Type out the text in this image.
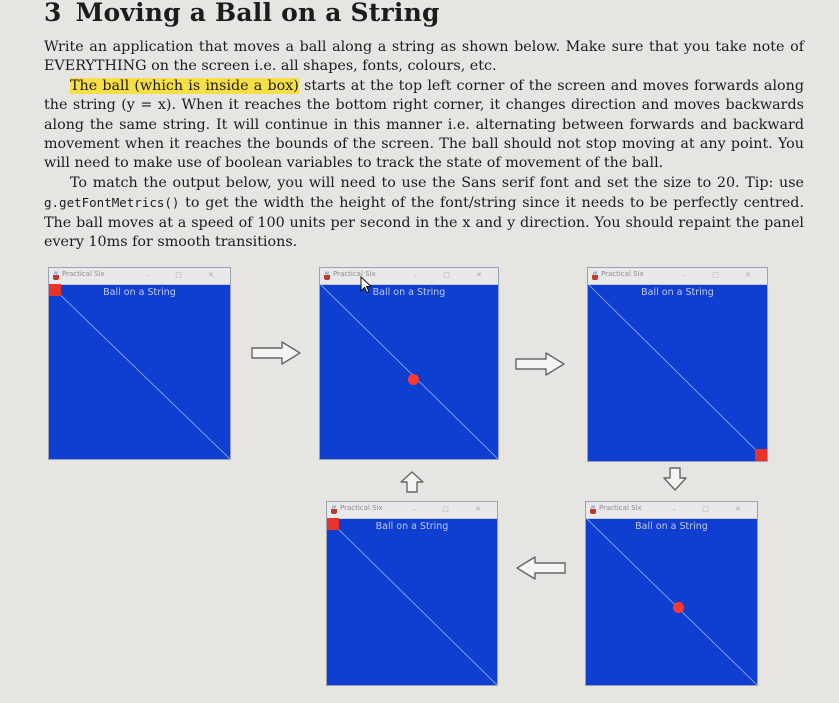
3 Moving a Ball on a String

Write an application that moves a ball along a string as shown below. Make sure that you take note of EVERYTHING on the screen i.e. all shapes, fonts, colours, etc.

The ball (which is inside a box) starts at the top left corner of the screen and moves forwards along the string (y = x). When it reaches the bottom right corner, it changes direction and moves backwards along the same string. It will continue in this manner i.e. alternating between forwards and backward movement when it reaches the bounds of the screen. The ball should not stop moving at any point. You will need to make use of boolean variables to track the state of movement of the ball.

To match the output below, you will need to use the Sans serif font and set the size to 20. Tip: use g.getFontMetrics() to get the width the height of the font/string since it needs to be perfectly centred. The ball moves at a speed of 100 units per second in the x and y direction. You should repaint the panel every 10ms for smooth transitions.

Practical Six	– □ ✕
Ball on a String
Practical Six	– □ ✕
Ball on a String
Practical Six	– □ ✕
Ball on a String
Practical Six	– □ ✕
Ball on a String
Practical Six	– □ ✕
Ball on a String
